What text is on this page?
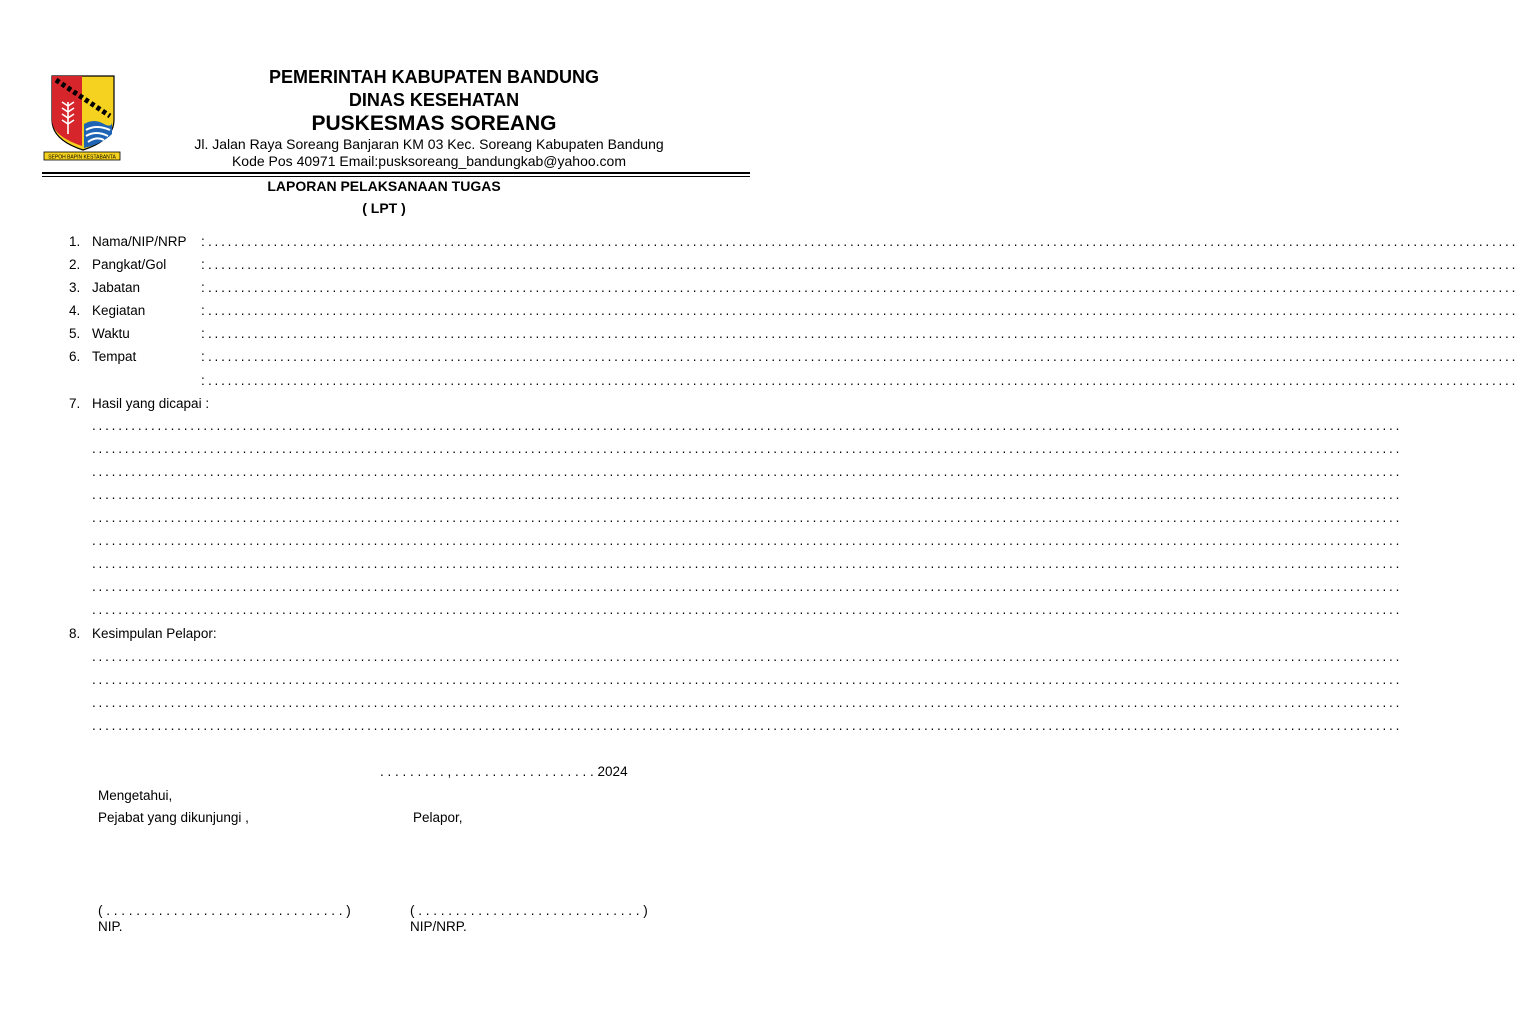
SEPOH BAPIN KESTABANTA
PEMERINTAH KABUPATEN BANDUNG
DINAS KESEHATAN
PUSKESMAS SOREANG
Jl. Jalan Raya Soreang Banjaran KM 03 Kec. Soreang Kabupaten Bandung
Kode Pos 40971 Email:pusksoreang_bandungkab@yahoo.com
LAPORAN PELAKSANAAN TUGAS
( LPT )
1. Nama/NIP/NRP : ........................................................................................................................................................................................................
2. Pangkat/Gol	: ........................................................................................................................................................................................................
3. Jabatan	: ........................................................................................................................................................................................................
4. Kegiatan	: ........................................................................................................................................................................................................
5. Waktu	: ........................................................................................................................................................................................................
6. Tempat	: ........................................................................................................................................................................................................
: ........................................................................................................................................................................................................
7. Hasil yang dicapai :
........................................................................................................................................................................................................
........................................................................................................................................................................................................
........................................................................................................................................................................................................
........................................................................................................................................................................................................
........................................................................................................................................................................................................
........................................................................................................................................................................................................
........................................................................................................................................................................................................
........................................................................................................................................................................................................
........................................................................................................................................................................................................
8. Kesimpulan Pelapor:
........................................................................................................................................................................................................
........................................................................................................................................................................................................
........................................................................................................................................................................................................
........................................................................................................................................................................................................
. . . . . . . . . , . . . . . . . . . . . . . . . . . . . 2024
Mengetahui,
Pejabat yang dikunjungi ,	Pelapor,
( . . . . . . . . . . . . . . . . . . . . . . . . . . . . . . . . )	( . . . . . . . . . . . . . . . . . . . . . . . . . . . . . . )
NIP.	NIP/NRP.
